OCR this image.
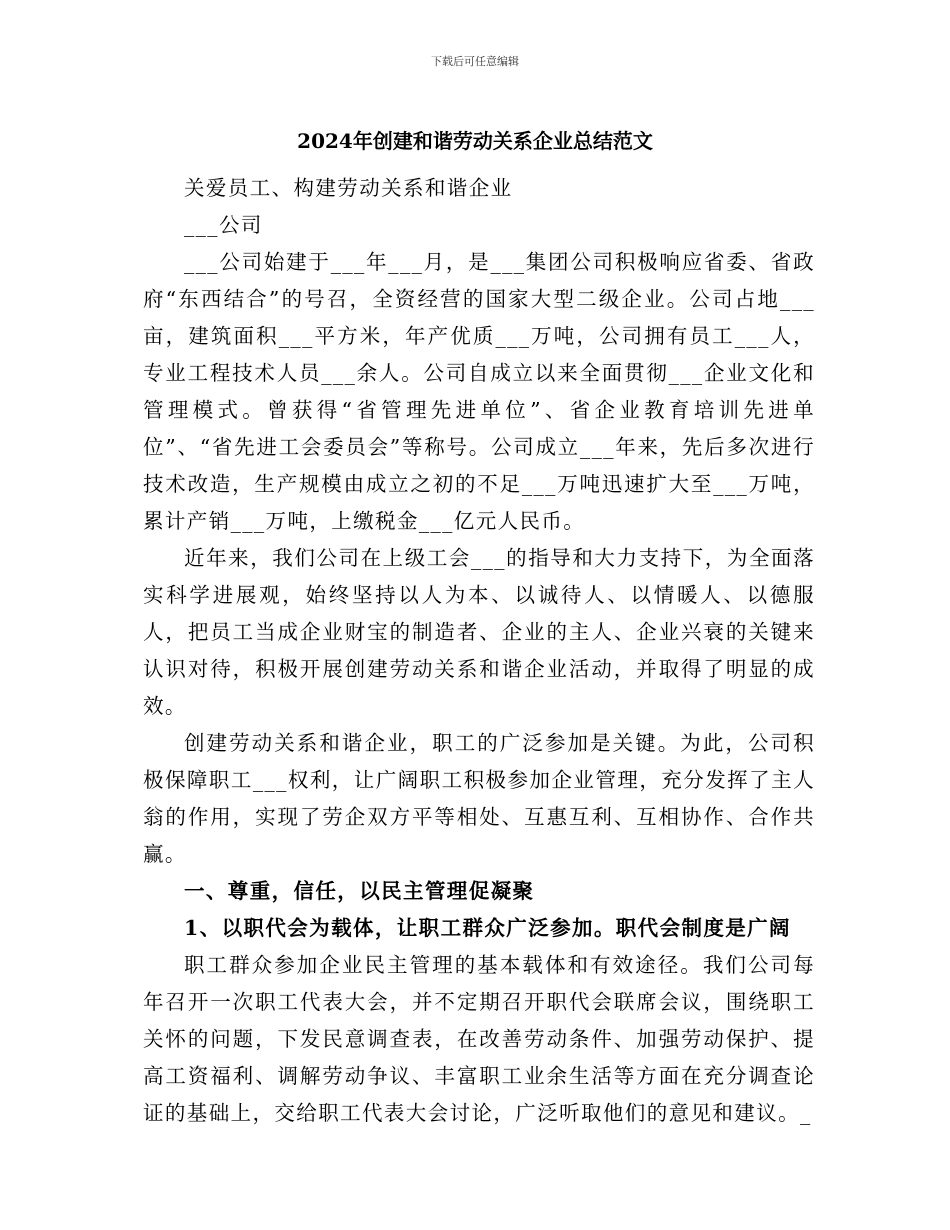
下载后可任意编辑
2024年创建和谐劳动关系企业总结范文

关爱员工、构建劳动关系和谐企业

___公司

___公司始建于___年___月，是___集团公司积极响应省委、省政府“东西结合”的号召，全资经营的国家大型二级企业。公司占地___亩，建筑面积___平方米，年产优质___万吨，公司拥有员工___人，专业工程技术人员___余人。公司自成立以来全面贯彻___企业文化和管理模式。曾获得“省管理先进单位”、省企业教育培训先进单位”、“省先进工会委员会”等称号。公司成立___年来，先后多次进行技术改造，生产规模由成立之初的不足___万吨迅速扩大至___万吨，累计产销___万吨，上缴税金___亿元人民币。

近年来，我们公司在上级工会___的指导和大力支持下，为全面落实科学进展观，始终坚持以人为本、以诚待人、以情暖人、以德服人，把员工当成企业财宝的制造者、企业的主人、企业兴衰的关键来认识对待，积极开展创建劳动关系和谐企业活动，并取得了明显的成效。

创建劳动关系和谐企业，职工的广泛参加是关键。为此，公司积极保障职工___权利，让广阔职工积极参加企业管理，充分发挥了主人翁的作用，实现了劳企双方平等相处、互惠互利、互相协作、合作共赢。

一、尊重，信任，以民主管理促凝聚

1、以职代会为载体，让职工群众广泛参加。职代会制度是广阔

职工群众参加企业民主管理的基本载体和有效途径。我们公司每年召开一次职工代表大会，并不定期召开职代会联席会议，围绕职工关怀的问题，下发民意调查表，在改善劳动条件、加强劳动保护、提高工资福利、调解劳动争议、丰富职工业余生活等方面在充分调查论证的基础上，交给职工代表大会讨论，广泛听取他们的意见和建议。_
